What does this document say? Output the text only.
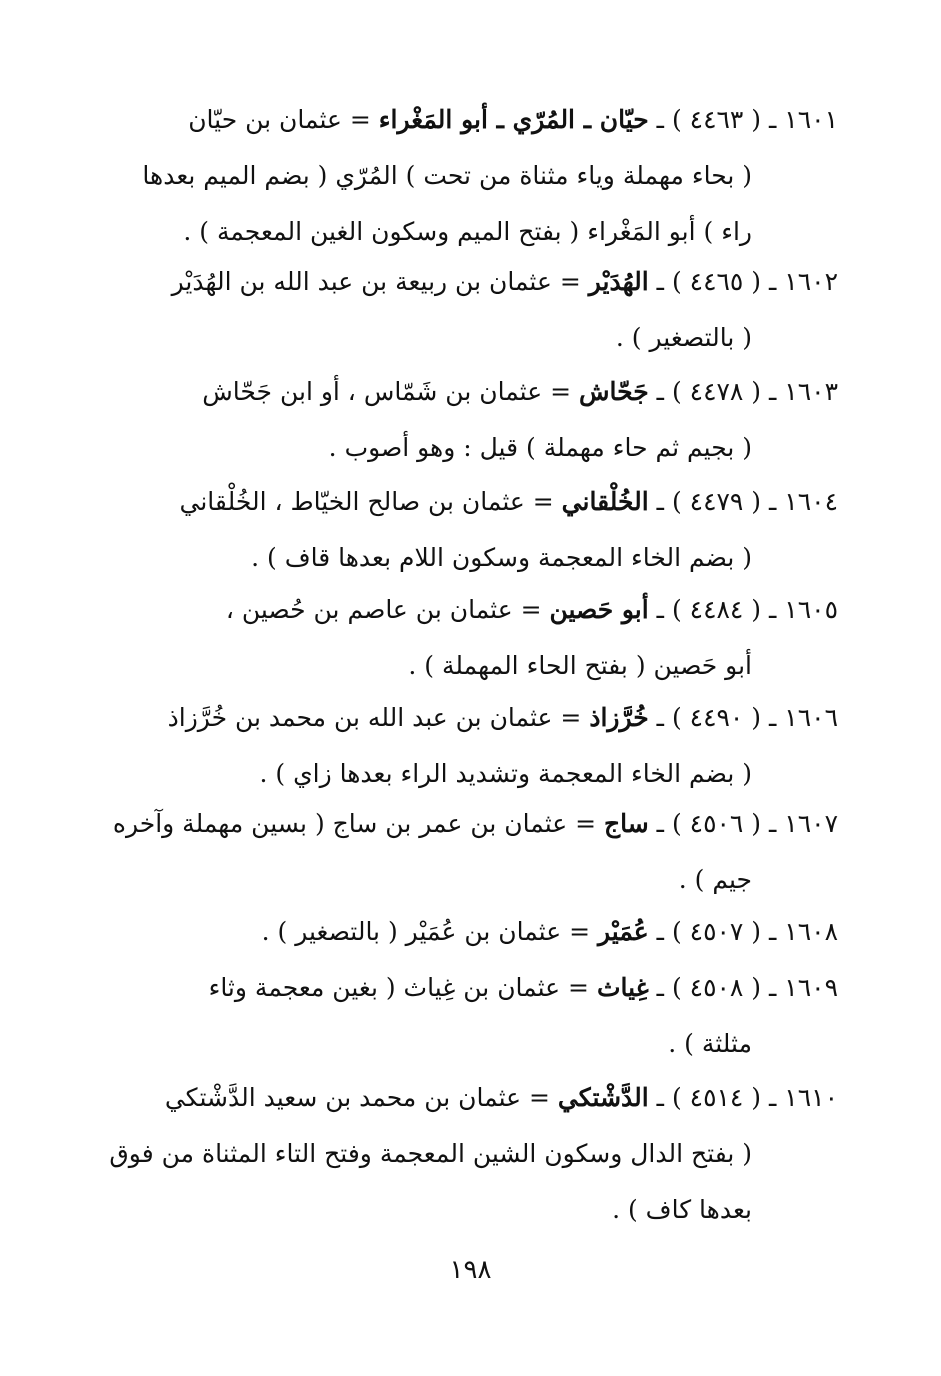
١٦٠١ ـ ( ٤٤٦٣ ) ـ حيّان ـ المُرّي ـ أبو المَغْراء = عثمان بن حيّان
( بحاء مهملة وياء مثناة من تحت ) المُرّي ( بضم الميم بعدها
راء ) أبو المَغْراء ( بفتح الميم وسكون الغين المعجمة ) .
١٦٠٢ ـ ( ٤٤٦٥ ) ـ الهُدَيْر = عثمان بن ربيعة بن عبد الله بن الهُدَيْر
( بالتصغير ) .
١٦٠٣ ـ ( ٤٤٧٨ ) ـ جَحّاش = عثمان بن شَمّاس ، أو ابن جَحّاش
( بجيم ثم حاء مهملة ) قيل : وهو أصوب .
١٦٠٤ ـ ( ٤٤٧٩ ) ـ الخُلْقاني = عثمان بن صالح الخيّاط ، الخُلْقاني
( بضم الخاء المعجمة وسكون اللام بعدها قاف ) .
١٦٠٥ ـ ( ٤٤٨٤ ) ـ أبو حَصين = عثمان بن عاصم بن حُصين ،
أبو حَصين ( بفتح الحاء المهملة ) .
١٦٠٦ ـ ( ٤٤٩٠ ) ـ خُرَّزاذ = عثمان بن عبد الله بن محمد بن خُرَّزاذ
( بضم الخاء المعجمة وتشديد الراء بعدها زاي ) .
١٦٠٧ ـ ( ٤٥٠٦ ) ـ ساج = عثمان بن عمر بن ساج ( بسين مهملة وآخره
جيم ) .
١٦٠٨ ـ ( ٤٥٠٧ ) ـ عُمَيْر = عثمان بن عُمَيْر ( بالتصغير ) .
١٦٠٩ ـ ( ٤٥٠٨ ) ـ غِياث = عثمان بن غِياث ( بغين معجمة وثاء
مثلثة ) .
١٦١٠ ـ ( ٤٥١٤ ) ـ الدَّشْتكي = عثمان بن محمد بن سعيد الدَّشْتكي
( بفتح الدال وسكون الشين المعجمة وفتح التاء المثناة من فوق
بعدها كاف ) .
١٩٨
